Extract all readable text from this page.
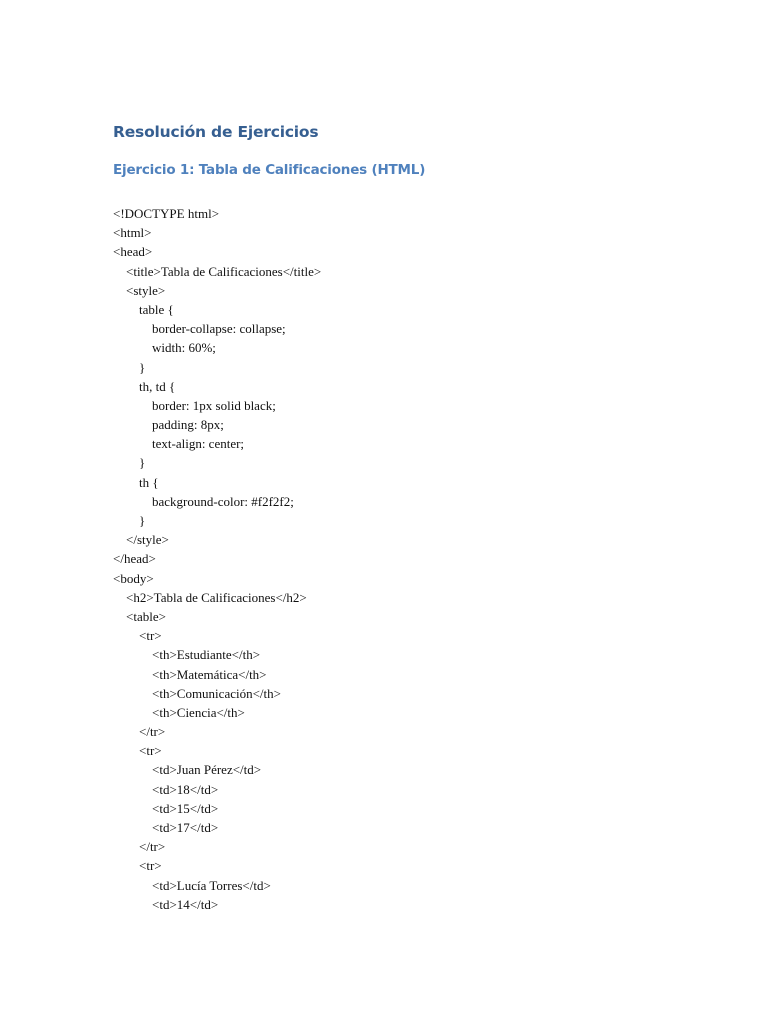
Resolución de Ejercicios
Ejercicio 1: Tabla de Calificaciones (HTML)
<!DOCTYPE html>
<html>
<head>
<title>Tabla de Calificaciones</title>
<style>
table {
border-collapse: collapse;
width: 60%;
}
th, td {
border: 1px solid black;
padding: 8px;
text-align: center;
}
th {
background-color: #f2f2f2;
}
</style>
</head>
<body>
<h2>Tabla de Calificaciones</h2>
<table>
<tr>
<th>Estudiante</th>
<th>Matemática</th>
<th>Comunicación</th>
<th>Ciencia</th>
</tr>
<tr>
<td>Juan Pérez</td>
<td>18</td>
<td>15</td>
<td>17</td>
</tr>
<tr>
<td>Lucía Torres</td>
<td>14</td>
